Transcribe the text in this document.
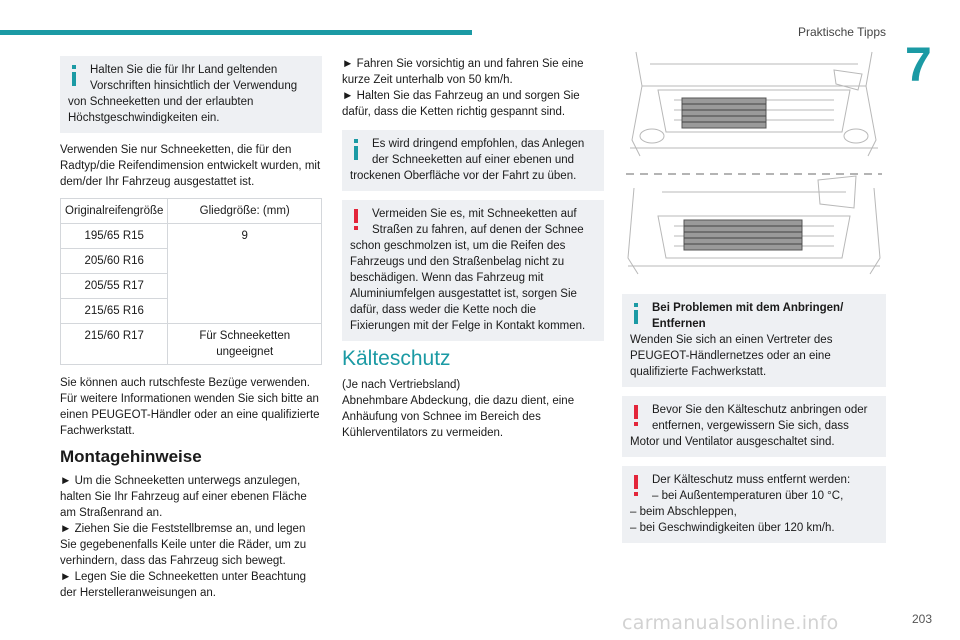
Praktische Tipps
7
Halten Sie die für Ihr Land geltenden Vorschriften hinsichtlich der Verwendung
von Schneeketten und der erlaubten Höchstgeschwindigkeiten ein.

Verwenden Sie nur Schneeketten, die für den Radtyp/die Reifendimension entwickelt wurden, mit dem/der Ihr Fahrzeug ausgestattet ist.

Originalreifengröße	Gliedgröße: (mm)
195/65 R15	9
205/60 R16	
205/55 R17	
215/65 R16	
215/60 R17	Für Schneeketten ungeeignet

Sie können auch rutschfeste Bezüge verwenden. Für weitere Informationen wenden Sie sich bitte an einen PEUGEOT-Händler oder an eine qualifizierte Fachwerkstatt.

Montagehinweise
► Um die Schneeketten unterwegs anzulegen, halten Sie Ihr Fahrzeug auf einer ebenen Fläche am Straßenrand an.
► Ziehen Sie die Feststellbremse an, und legen Sie gegebenenfalls Keile unter die Räder, um zu verhindern, dass das Fahrzeug sich bewegt.
► Legen Sie die Schneeketten unter Beachtung der Herstelleranweisungen an.
► Fahren Sie vorsichtig an und fahren Sie eine kurze Zeit unterhalb von 50 km/h.
► Halten Sie das Fahrzeug an und sorgen Sie dafür, dass die Ketten richtig gespannt sind.
Es wird dringend empfohlen, das Anlegen der Schneeketten auf einer ebenen und
trockenen Oberfläche vor der Fahrt zu üben.
Vermeiden Sie es, mit Schneeketten auf Straßen zu fahren, auf denen der Schnee
schon geschmolzen ist, um die Reifen des Fahrzeugs und den Straßenbelag nicht zu beschädigen. Wenn das Fahrzeug mit Aluminiumfelgen ausgestattet ist, sorgen Sie dafür, dass weder die Kette noch die Fixierungen mit der Felge in Kontakt kommen.
Kälteschutz
(Je nach Vertriebsland)
Abnehmbare Abdeckung, die dazu dient, eine Anhäufung von Schnee im Bereich des Kühlerventilators zu vermeiden.
Bei Problemen mit dem Anbringen/
Entfernen
Wenden Sie sich an einen Vertreter des PEUGEOT-Händlernetzes oder an eine qualifizierte Fachwerkstatt.
Bevor Sie den Kälteschutz anbringen oder entfernen, vergewissern Sie sich, dass
Motor und Ventilator ausgeschaltet sind.
Der Kälteschutz muss entfernt werden:
– bei Außentemperaturen über 10 °C,
– beim Abschleppen,
– bei Geschwindigkeiten über 120 km/h.
carmanualsonline.info	203
